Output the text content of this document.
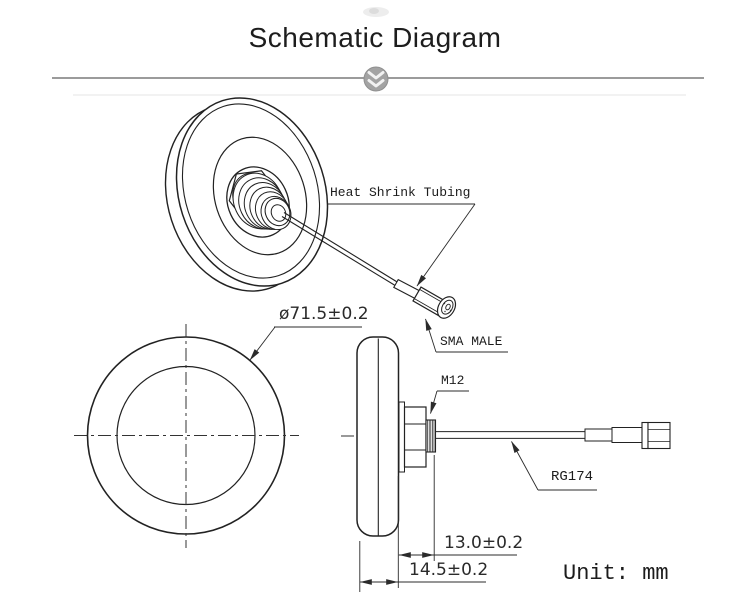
Schematic Diagram
Heat Shrink Tubing
SMA MALE
M12
RG174
Unit: mm
ø71.5±0.2
13.0±0.2
14.5±0.2
